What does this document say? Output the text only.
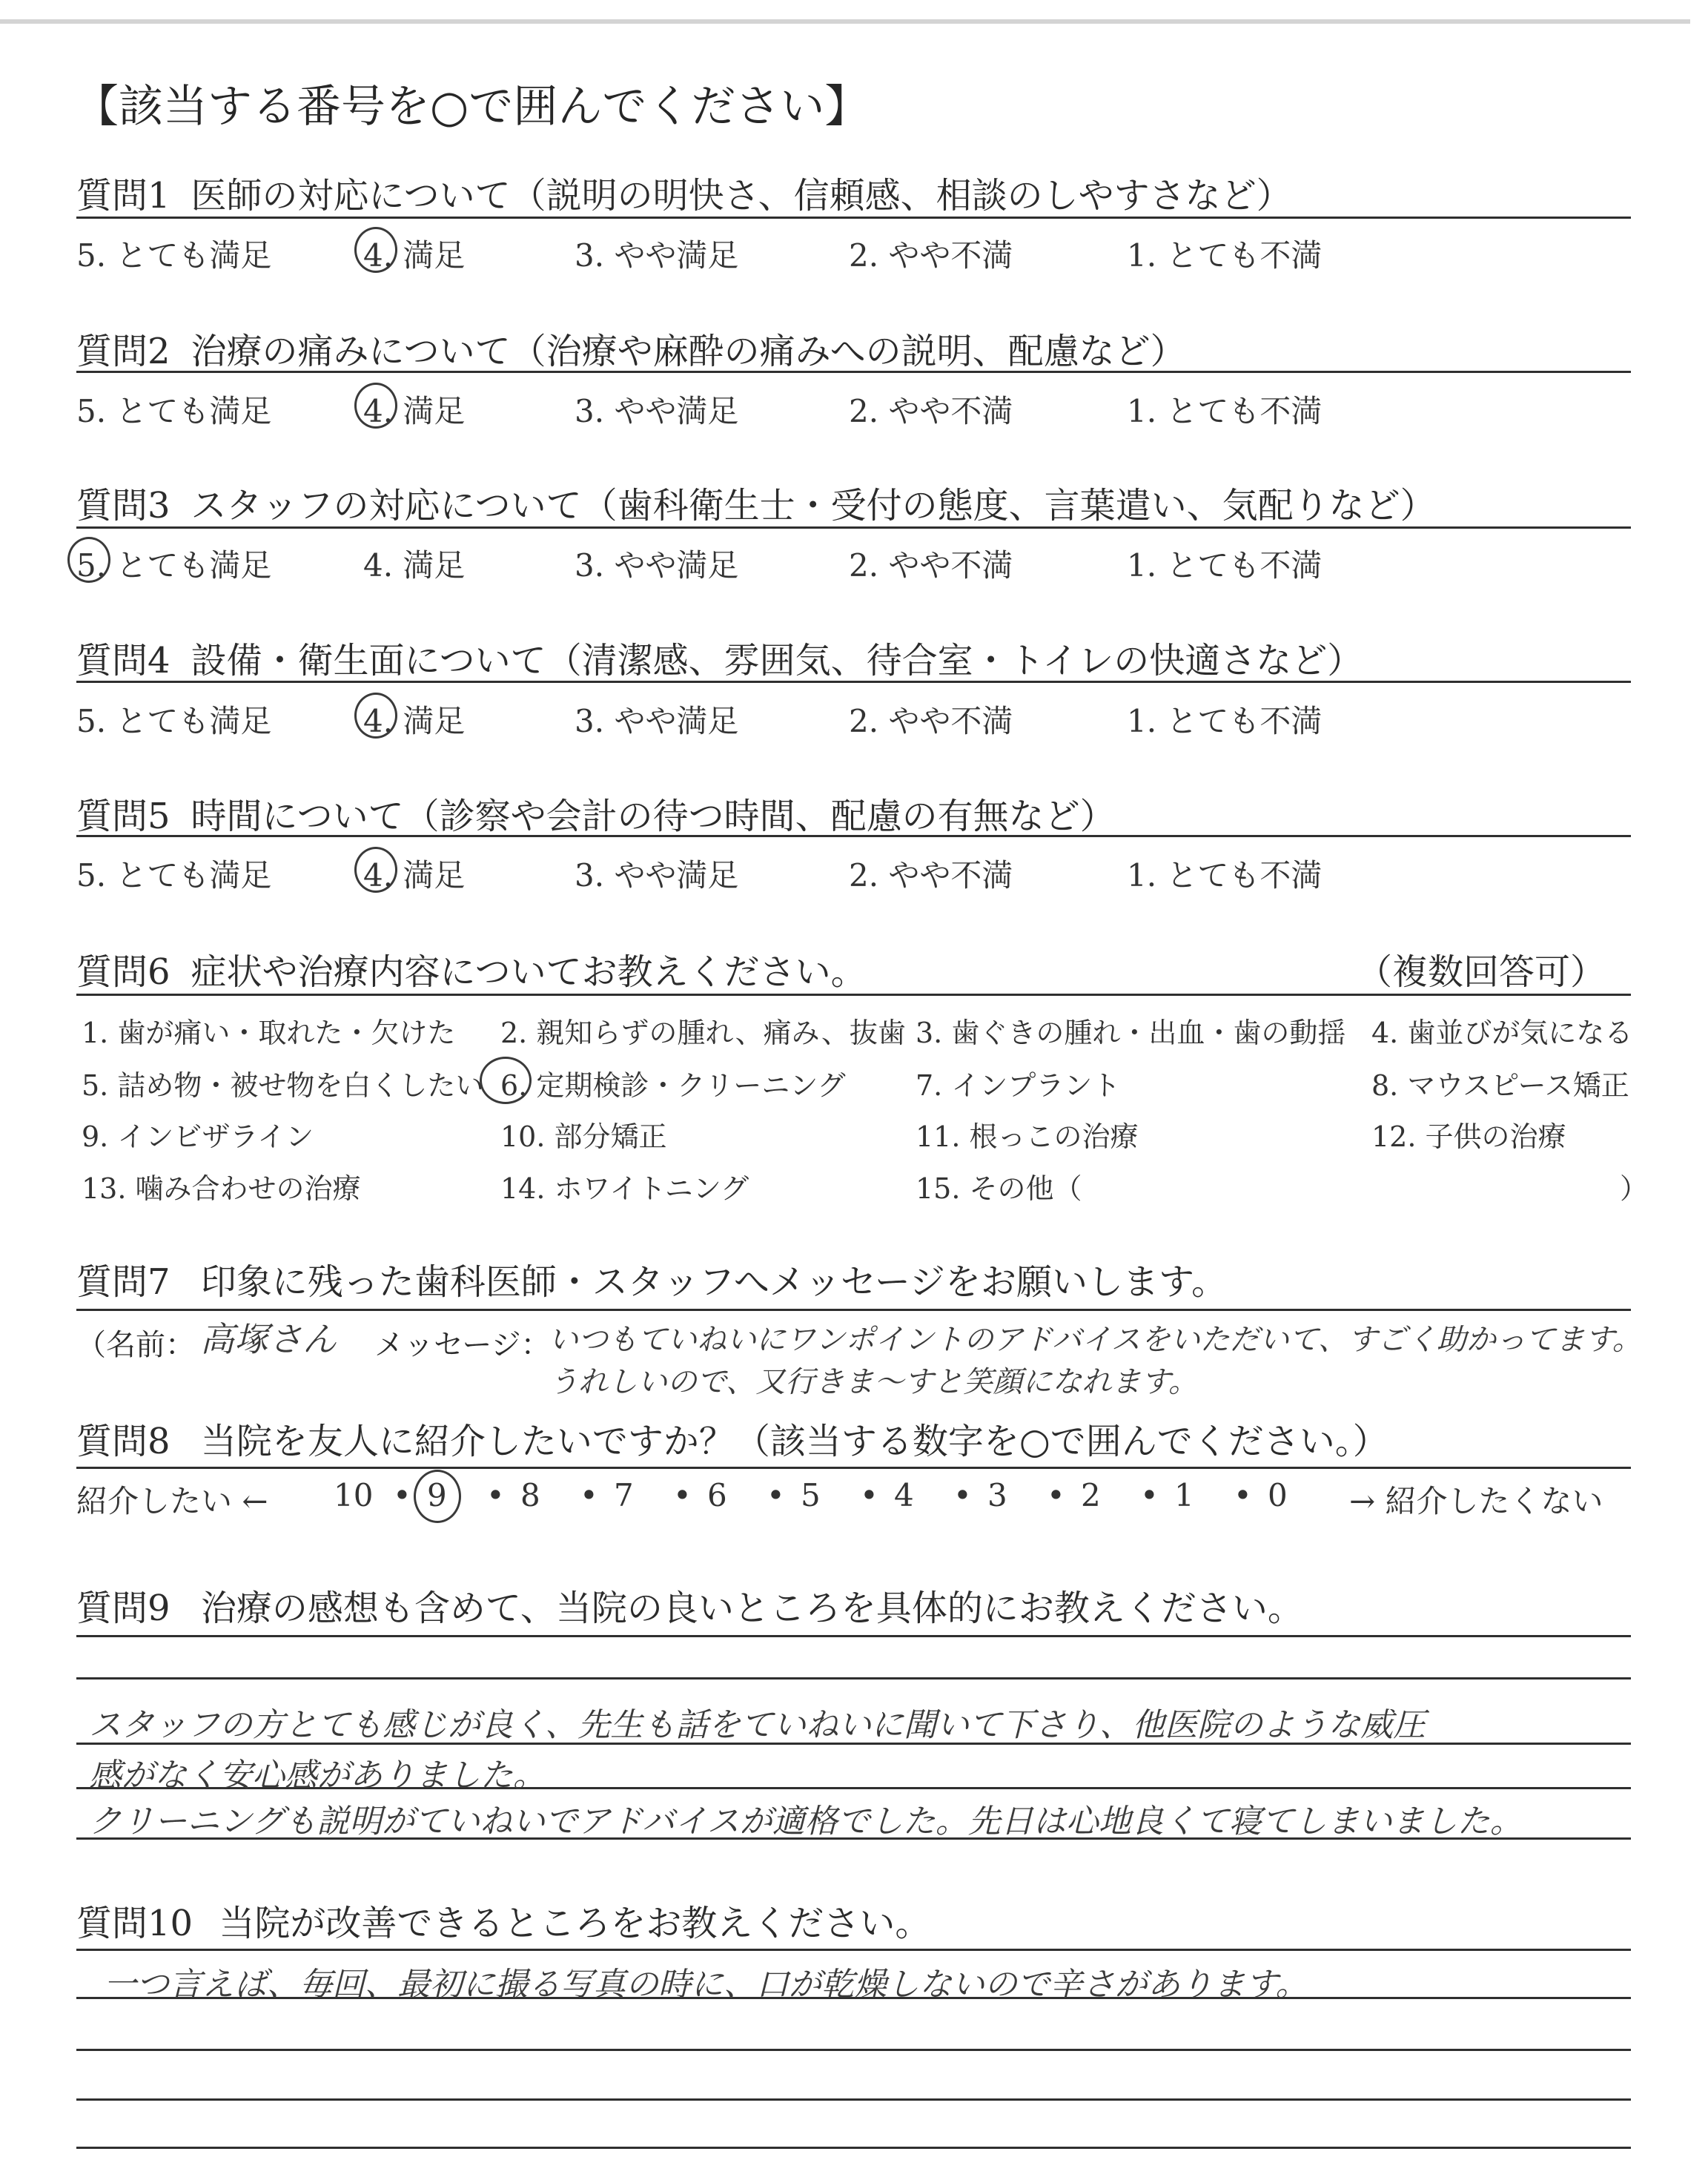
【該当する番号を○で囲んでください】
質問1 医師の対応について（説明の明快さ、信頼感、相談のしやすさなど）
5. とても満足	4. 満足	3. やや満足	2. やや不満	1. とても不満
質問2 治療の痛みについて（治療や麻酔の痛みへの説明、配慮など）
5. とても満足	4. 満足	3. やや満足	2. やや不満	1. とても不満
質問3 スタッフの対応について（歯科衛生士・受付の態度、言葉遣い、気配りなど）
5. とても満足	4. 満足	3. やや満足	2. やや不満	1. とても不満
質問4 設備・衛生面について（清潔感、雰囲気、待合室・トイレの快適さなど）
5. とても満足	4. 満足	3. やや満足	2. やや不満	1. とても不満
質問5 時間について（診察や会計の待つ時間、配慮の有無など）
5. とても満足	4. 満足	3. やや満足	2. やや不満	1. とても不満
質問6 症状や治療内容についてお教えください。	（複数回答可）
1. 歯が痛い・取れた・欠けた 2. 親知らずの腫れ、痛み、抜歯 3. 歯ぐきの腫れ・出血・歯の動揺 4. 歯並びが気になる
5. 詰め物・被せ物を白くしたい 6. 定期検診・クリーニング 7. インプラント	8. マウスピース矯正
9. インビザライン	10. 部分矯正	11. 根っこの治療	12. 子供の治療
13. 噛み合わせの治療	14. ホワイトニング	15. その他（	）
質問7 印象に残った歯科医師・スタッフへメッセージをお願いします。
（名前： 高塚さん メッセージ：
いつもていねいにワンポイントのアドバイスをいただいて、すごく助かってます。
うれしいので、又行きま～すと笑顔になれます。
質問8 当院を友人に紹介したいですか？（該当する数字を○で囲んでください。）
紹介したい ← 10 • 9 • 8 • 7 • 6 • 5 • 4 • 3 • 2 • 1 • 0 → 紹介したくない
質問9 治療の感想も含めて、当院の良いところを具体的にお教えください。
スタッフの方とても感じが良く、先生も話をていねいに聞いて下さり、他医院のような威圧
感がなく安心感がありました。
クリーニングも説明がていねいでアドバイスが適格でした。先日は心地良くて寝てしまいました。
質問10 当院が改善できるところをお教えください。
一つ言えば、毎回、最初に撮る写真の時に、口が乾燥しないので辛さがあります。
